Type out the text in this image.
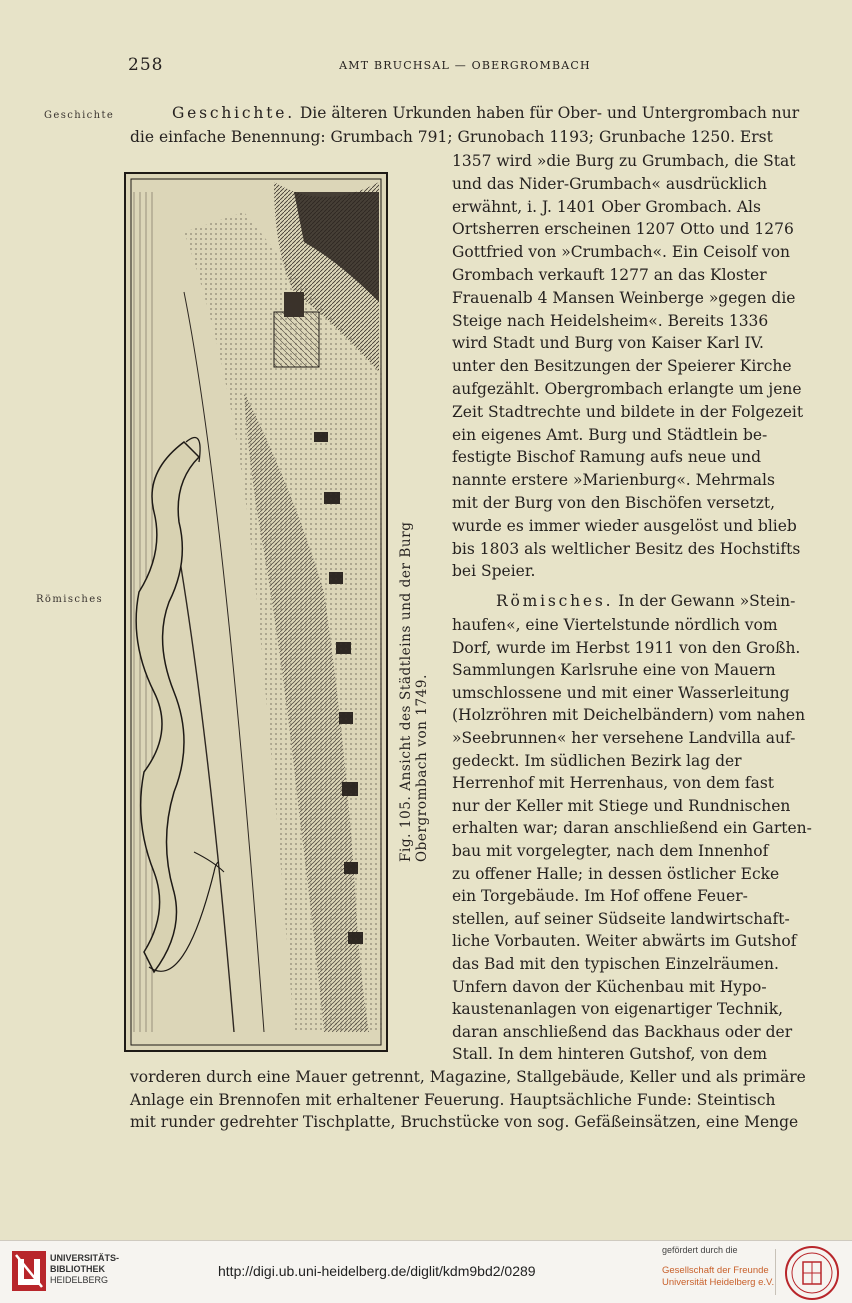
258	AMT BRUCHSAL — OBERGROMBACH
Geschichte
Römisches
Geschichte. Die älteren Urkunden haben für Ober- und Untergrombach nur
die einfache Benennung: Grumbach 791; Grunobach 1193; Grunbache 1250. Erst
1357 wird »die Burg zu Grumbach, die Stat
und das Nider-Grumbach« ausdrücklich
erwähnt, i. J. 1401 Ober Grombach. Als
Ortsherren erscheinen 1207 Otto und 1276
Gottfried von »Crumbach«. Ein Ceisolf von
Grombach verkauft 1277 an das Kloster
Frauenalb 4 Mansen Weinberge »gegen die
Steige nach Heidelsheim«. Bereits 1336
wird Stadt und Burg von Kaiser Karl IV.
unter den Besitzungen der Speierer Kirche
aufgezählt. Obergrombach erlangte um jene
Zeit Stadtrechte und bildete in der Folgezeit
ein eigenes Amt. Burg und Städtlein be-
festigte Bischof Ramung aufs neue und
nannte erstere »Marienburg«. Mehrmals
mit der Burg von den Bischöfen versetzt,
wurde es immer wieder ausgelöst und blieb
bis 1803 als weltlicher Besitz des Hochstifts
bei Speier.
Fig. 105. Ansicht des Städtleins und der Burg Obergrombach von 1749.
Römisches. In der Gewann »Stein-
haufen«, eine Viertelstunde nördlich vom
Dorf, wurde im Herbst 1911 von den Großh.
Sammlungen Karlsruhe eine von Mauern
umschlossene und mit einer Wasserleitung
(Holzröhren mit Deichelbändern) vom nahen
»Seebrunnen« her versehene Landvilla auf-
gedeckt. Im südlichen Bezirk lag der
Herrenhof mit Herrenhaus, von dem fast
nur der Keller mit Stiege und Rundnischen
erhalten war; daran anschließend ein Garten-
bau mit vorgelegter, nach dem Innenhof
zu offener Halle; in dessen östlicher Ecke
ein Torgebäude. Im Hof offene Feuer-
stellen, auf seiner Südseite landwirtschaft-
liche Vorbauten. Weiter abwärts im Gutshof
das Bad mit den typischen Einzelräumen.
Unfern davon der Küchenbau mit Hypo-
kaustenanlagen von eigenartiger Technik,
daran anschließend das Backhaus oder der
Stall. In dem hinteren Gutshof, von dem
vorderen durch eine Mauer getrennt, Magazine, Stallgebäude, Keller und als primäre
Anlage ein Brennofen mit erhaltener Feuerung. Hauptsächliche Funde: Steintisch
mit runder gedrehter Tischplatte, Bruchstücke von sog. Gefäßeinsätzen, eine Menge
UNIVERSITÄTS-
BIBLIOTHEK
HEIDELBERG
http://digi.ub.uni-heidelberg.de/diglit/kdm9bd2/0289
gefördert durch die
Gesellschaft der Freunde
Universität Heidelberg e.V.
